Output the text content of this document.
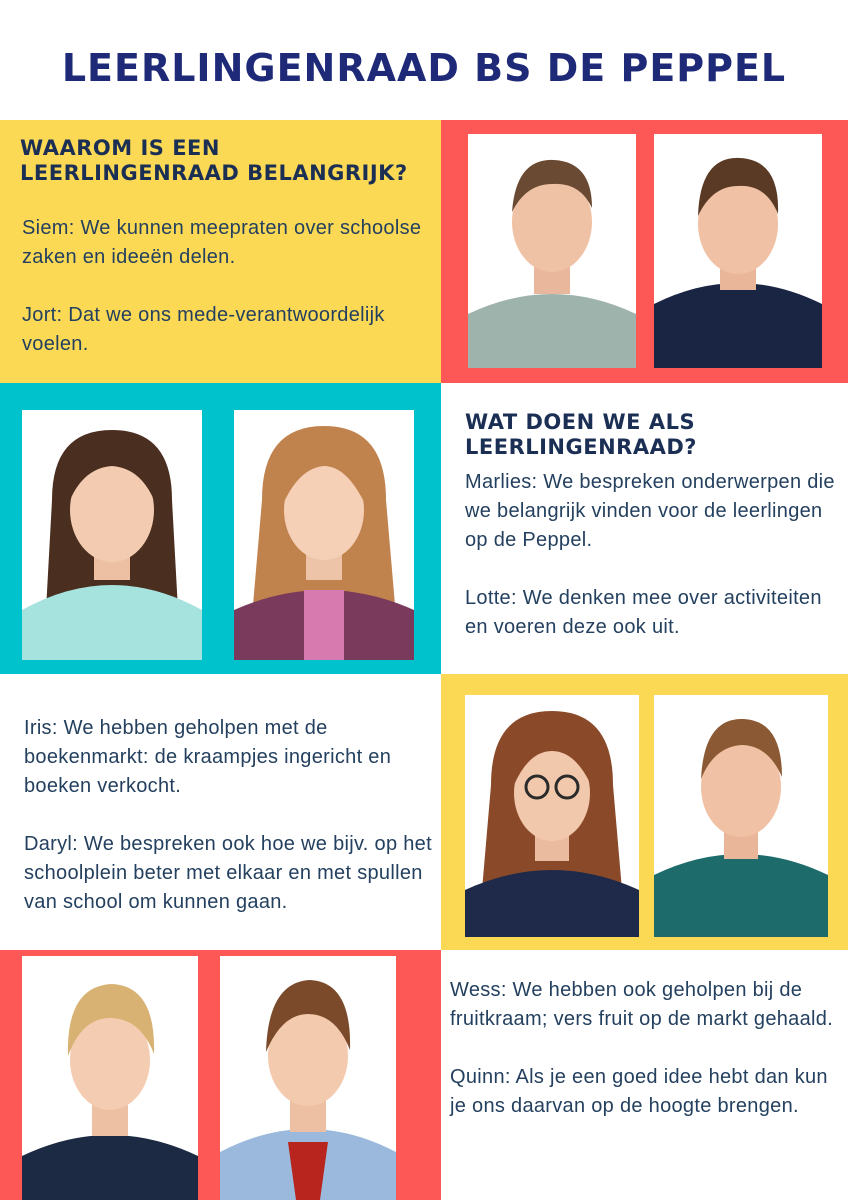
LEERLINGENRAAD BS DE PEPPEL
WAAROM IS EEN
LEERLINGENRAAD BELANGRIJK?

Siem: We kunnen meepraten over schoolse zaken en ideeën delen.

Jort: Dat we ons mede-verantwoordelijk voelen.

WAT DOEN WE ALS
LEERLINGENRAAD?

Marlies: We bespreken onderwerpen die we belangrijk vinden voor de leerlingen op de Peppel.

Lotte: We denken mee over activiteiten en voeren deze ook uit.

Iris: We hebben geholpen met de boekenmarkt: de kraampjes ingericht en boeken verkocht.

Daryl: We bespreken ook hoe we bijv. op het schoolplein beter met elkaar en met spullen van school om kunnen gaan.

Wess: We hebben ook geholpen bij de fruitkraam; vers fruit op de markt gehaald.

Quinn: Als je een goed idee hebt dan kun je ons daarvan op de hoogte brengen.
